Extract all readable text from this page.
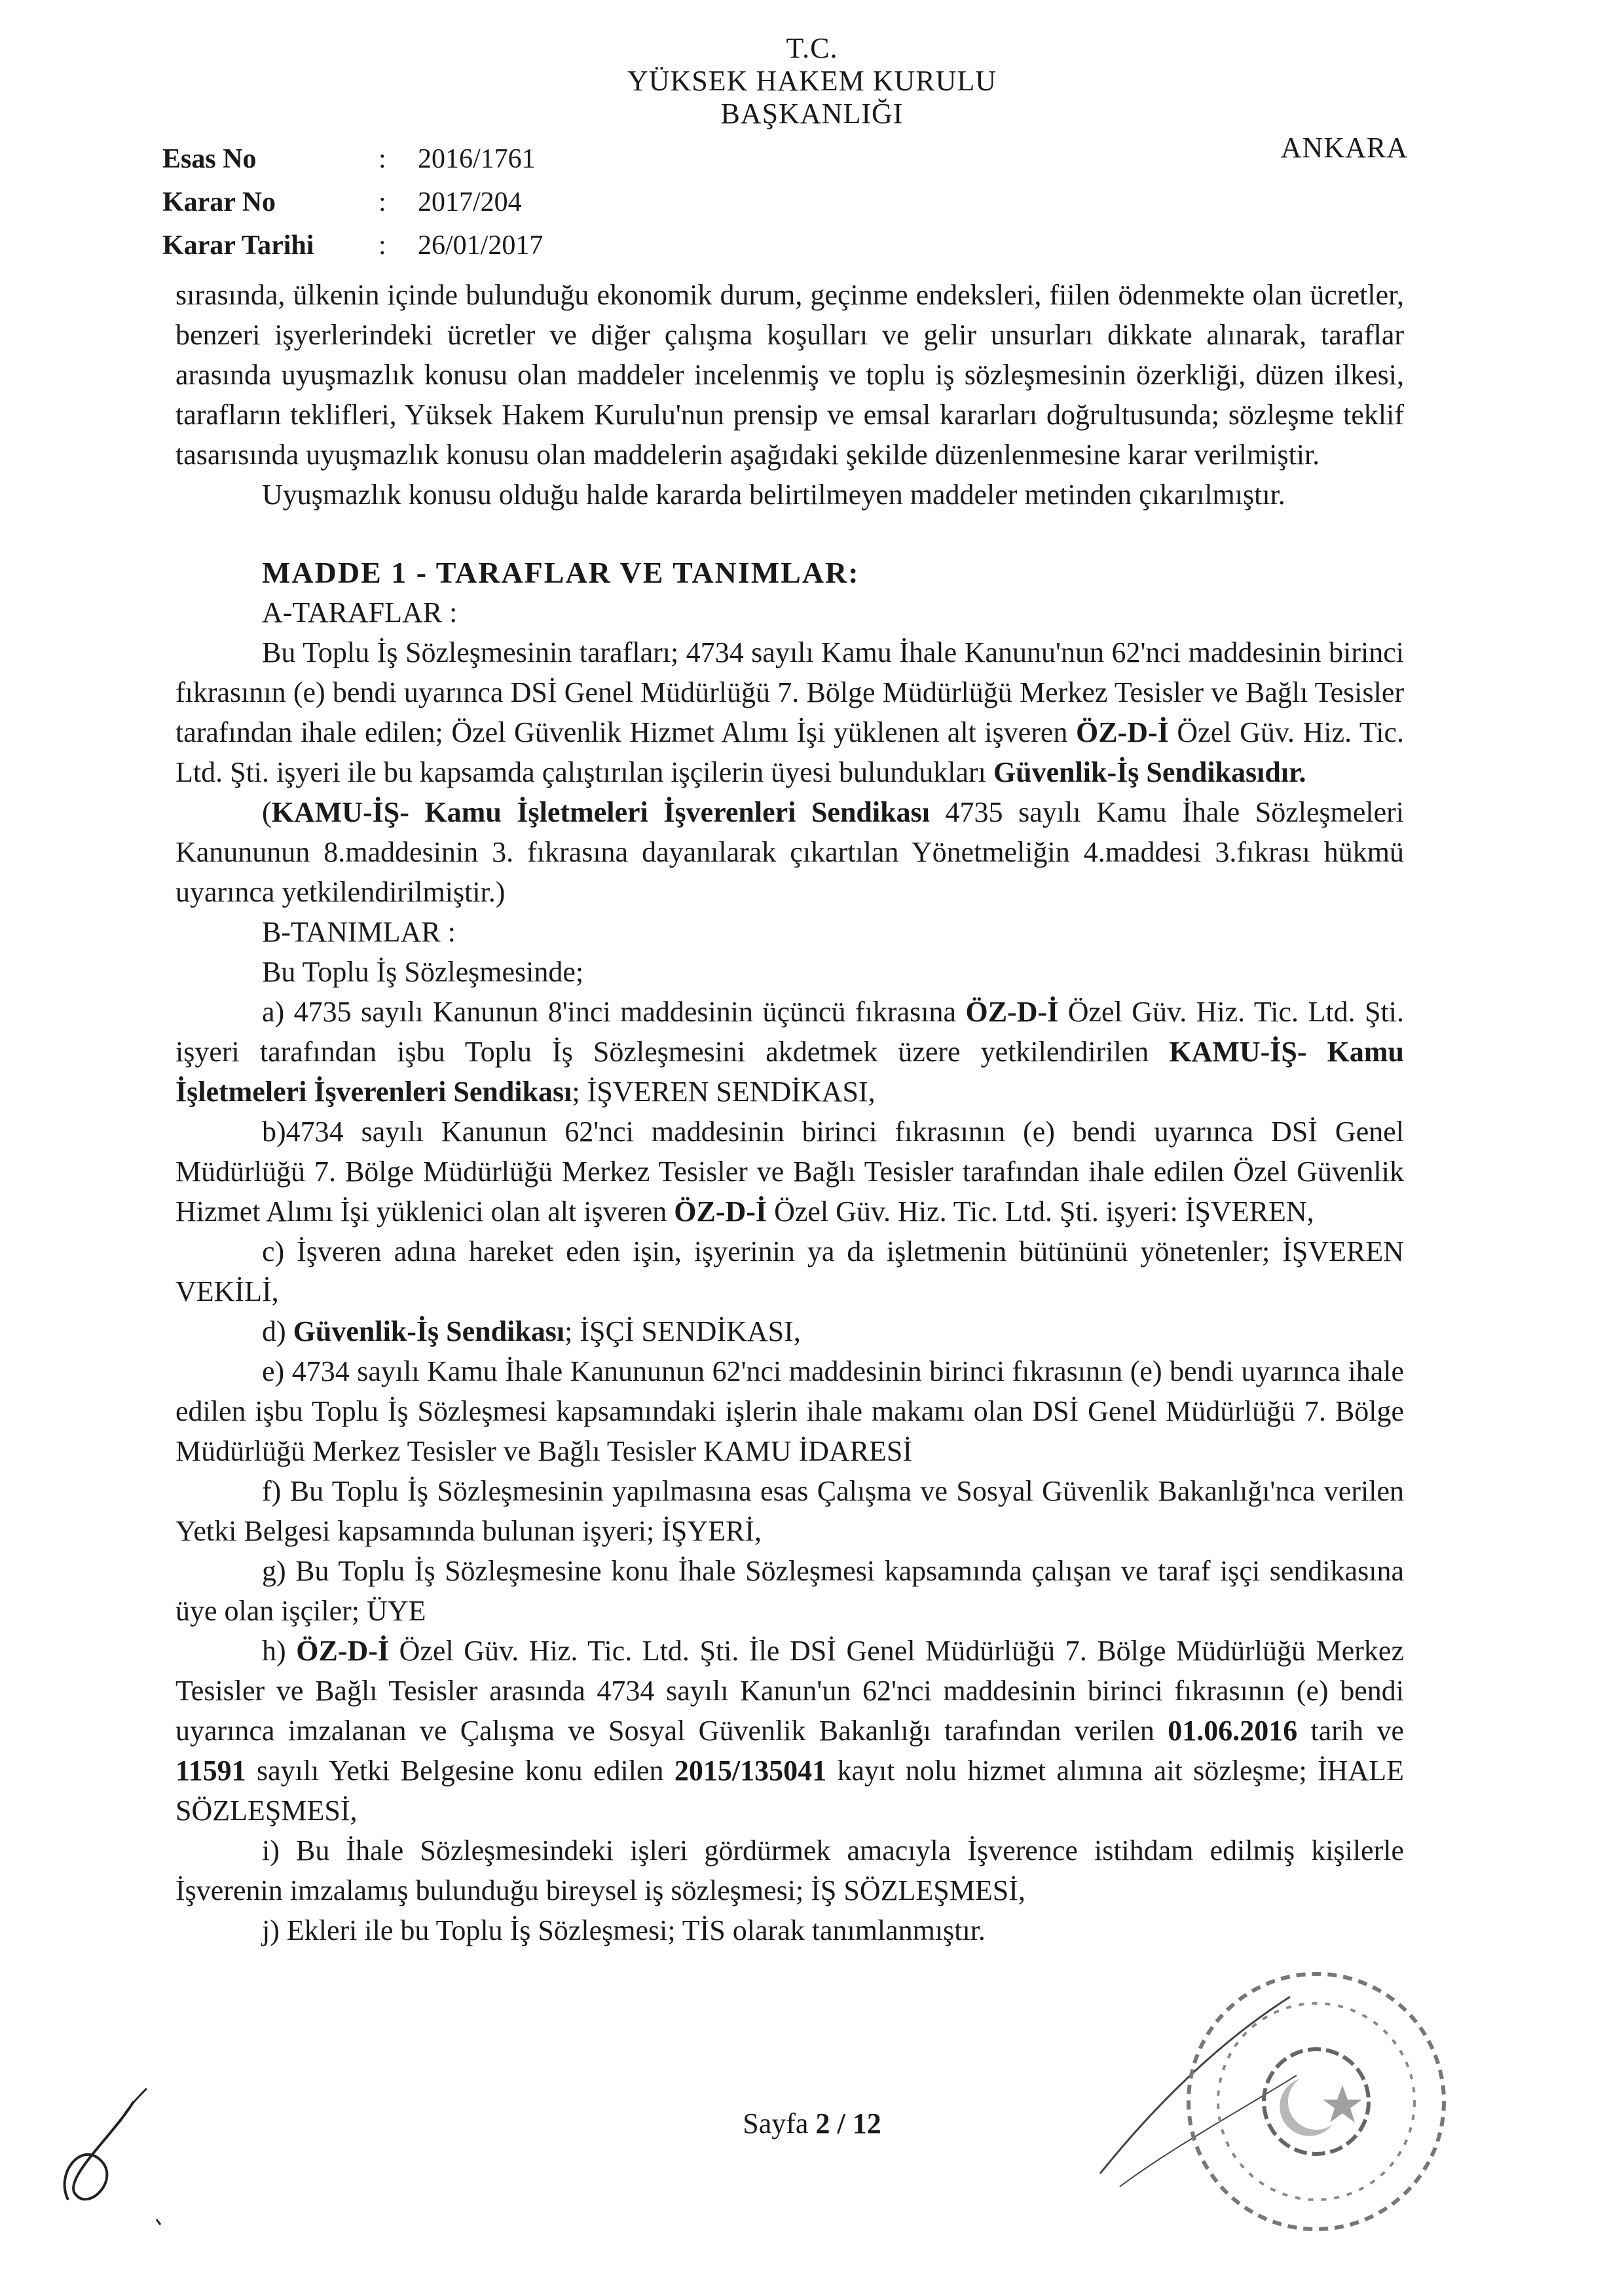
T.C.
YÜKSEK HAKEM KURULU
BAŞKANLIĞI
ANKARA
Esas No	:	2016/1761
Karar No	:	2017/204
Karar Tarihi	:	26/01/2017

sırasında, ülkenin içinde bulunduğu ekonomik durum, geçinme endeksleri, fiilen ödenmekte olan ücretler, benzeri işyerlerindeki ücretler ve diğer çalışma koşulları ve gelir unsurları dikkate alınarak, taraflar arasında uyuşmazlık konusu olan maddeler incelenmiş ve toplu iş sözleşmesinin özerkliği, düzen ilkesi, tarafların teklifleri, Yüksek Hakem Kurulu'nun prensip ve emsal kararları doğrultusunda; sözleşme teklif tasarısında uyuşmazlık konusu olan maddelerin aşağıdaki şekilde düzenlenmesine karar verilmiştir.

Uyuşmazlık konusu olduğu halde kararda belirtilmeyen maddeler metinden çıkarılmıştır.

MADDE 1 - TARAFLAR VE TANIMLAR:

A-TARAFLAR :

Bu Toplu İş Sözleşmesinin tarafları; 4734 sayılı Kamu İhale Kanunu'nun 62'nci maddesinin birinci fıkrasının (e) bendi uyarınca DSİ Genel Müdürlüğü 7. Bölge Müdürlüğü Merkez Tesisler ve Bağlı Tesisler tarafından ihale edilen; Özel Güvenlik Hizmet Alımı İşi yüklenen alt işveren ÖZ-D-İ Özel Güv. Hiz. Tic. Ltd. Şti. işyeri ile bu kapsamda çalıştırılan işçilerin üyesi bulundukları Güvenlik-İş Sendikasıdır.

(KAMU-İŞ- Kamu İşletmeleri İşverenleri Sendikası 4735 sayılı Kamu İhale Sözleşmeleri Kanununun 8.maddesinin 3. fıkrasına dayanılarak çıkartılan Yönetmeliğin 4.maddesi 3.fıkrası hükmü uyarınca yetkilendirilmiştir.)

B-TANIMLAR :

Bu Toplu İş Sözleşmesinde;

a) 4735 sayılı Kanunun 8'inci maddesinin üçüncü fıkrasına ÖZ-D-İ Özel Güv. Hiz. Tic. Ltd. Şti. işyeri tarafından işbu Toplu İş Sözleşmesini akdetmek üzere yetkilendirilen KAMU-İŞ- Kamu İşletmeleri İşverenleri Sendikası; İŞVEREN SENDİKASI,

b)4734 sayılı Kanunun 62'nci maddesinin birinci fıkrasının (e) bendi uyarınca DSİ Genel Müdürlüğü 7. Bölge Müdürlüğü Merkez Tesisler ve Bağlı Tesisler tarafından ihale edilen Özel Güvenlik Hizmet Alımı İşi yüklenici olan alt işveren ÖZ-D-İ Özel Güv. Hiz. Tic. Ltd. Şti. işyeri: İŞVEREN,

c) İşveren adına hareket eden işin, işyerinin ya da işletmenin bütününü yönetenler; İŞVEREN VEKİLİ,

d) Güvenlik-İş Sendikası; İŞÇİ SENDİKASI,

e) 4734 sayılı Kamu İhale Kanununun 62'nci maddesinin birinci fıkrasının (e) bendi uyarınca ihale edilen işbu Toplu İş Sözleşmesi kapsamındaki işlerin ihale makamı olan DSİ Genel Müdürlüğü 7. Bölge Müdürlüğü Merkez Tesisler ve Bağlı Tesisler KAMU İDARESİ

f) Bu Toplu İş Sözleşmesinin yapılmasına esas Çalışma ve Sosyal Güvenlik Bakanlığı'nca verilen Yetki Belgesi kapsamında bulunan işyeri; İŞYERİ,

g) Bu Toplu İş Sözleşmesine konu İhale Sözleşmesi kapsamında çalışan ve taraf işçi sendikasına üye olan işçiler; ÜYE

h) ÖZ-D-İ Özel Güv. Hiz. Tic. Ltd. Şti. İle DSİ Genel Müdürlüğü 7. Bölge Müdürlüğü Merkez Tesisler ve Bağlı Tesisler arasında 4734 sayılı Kanun'un 62'nci maddesinin birinci fıkrasının (e) bendi uyarınca imzalanan ve Çalışma ve Sosyal Güvenlik Bakanlığı tarafından verilen 01.06.2016 tarih ve 11591 sayılı Yetki Belgesine konu edilen 2015/135041 kayıt nolu hizmet alımına ait sözleşme; İHALE SÖZLEŞMESİ,

i) Bu İhale Sözleşmesindeki işleri gördürmek amacıyla İşverence istihdam edilmiş kişilerle İşverenin imzalamış bulunduğu bireysel iş sözleşmesi; İŞ SÖZLEŞMESİ,

j) Ekleri ile bu Toplu İş Sözleşmesi; TİS olarak tanımlanmıştır.

Sayfa 2 / 12
